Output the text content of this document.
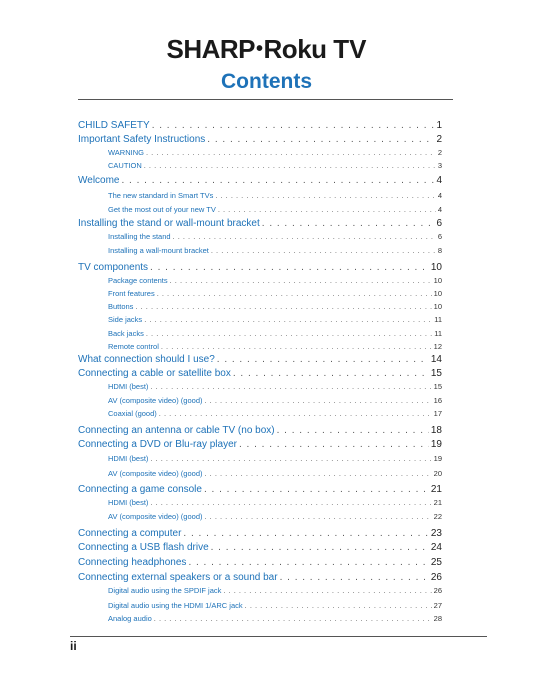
SHARP•Roku TV
Contents
CHILD SAFETY . . .	1
Important Safety Instructions . . .	2
WARNING . . .	2
CAUTION . . .	3
Welcome . . .	4
The new standard in Smart TVs . . .	4
Get the most out of your new TV . . .	4
Installing the stand or wall-mount bracket . . .	6
Installing the stand . . .	6
Installing a wall-mount bracket . . .	8
TV components . . .	10
Package contents . . .	10
Front features . . .	10
Buttons . . .	10
Side jacks . . .	11
Back jacks . . .	11
Remote control . . .	12
What connection should I use? . . .	14
Connecting a cable or satellite box . . .	15
HDMI (best) . . .	15
AV (composite video) (good) . . .	16
Coaxial (good) . . .	17
Connecting an antenna or cable TV (no box) . . .	18
Connecting a DVD or Blu-ray player . . .	19
HDMI (best) . . .	19
AV (composite video) (good) . . .	20
Connecting a game console . . .	21
HDMI (best) . . .	21
AV (composite video) (good) . . .	22
Connecting a computer . . .	23
Connecting a USB flash drive . . .	24
Connecting headphones . . .	25
Connecting external speakers or a sound bar . . .	26
Digital audio using the SPDIF jack . . .	26
Digital audio using the HDMI 1/ARC jack . . .	27
Analog audio . . .	28
ii
